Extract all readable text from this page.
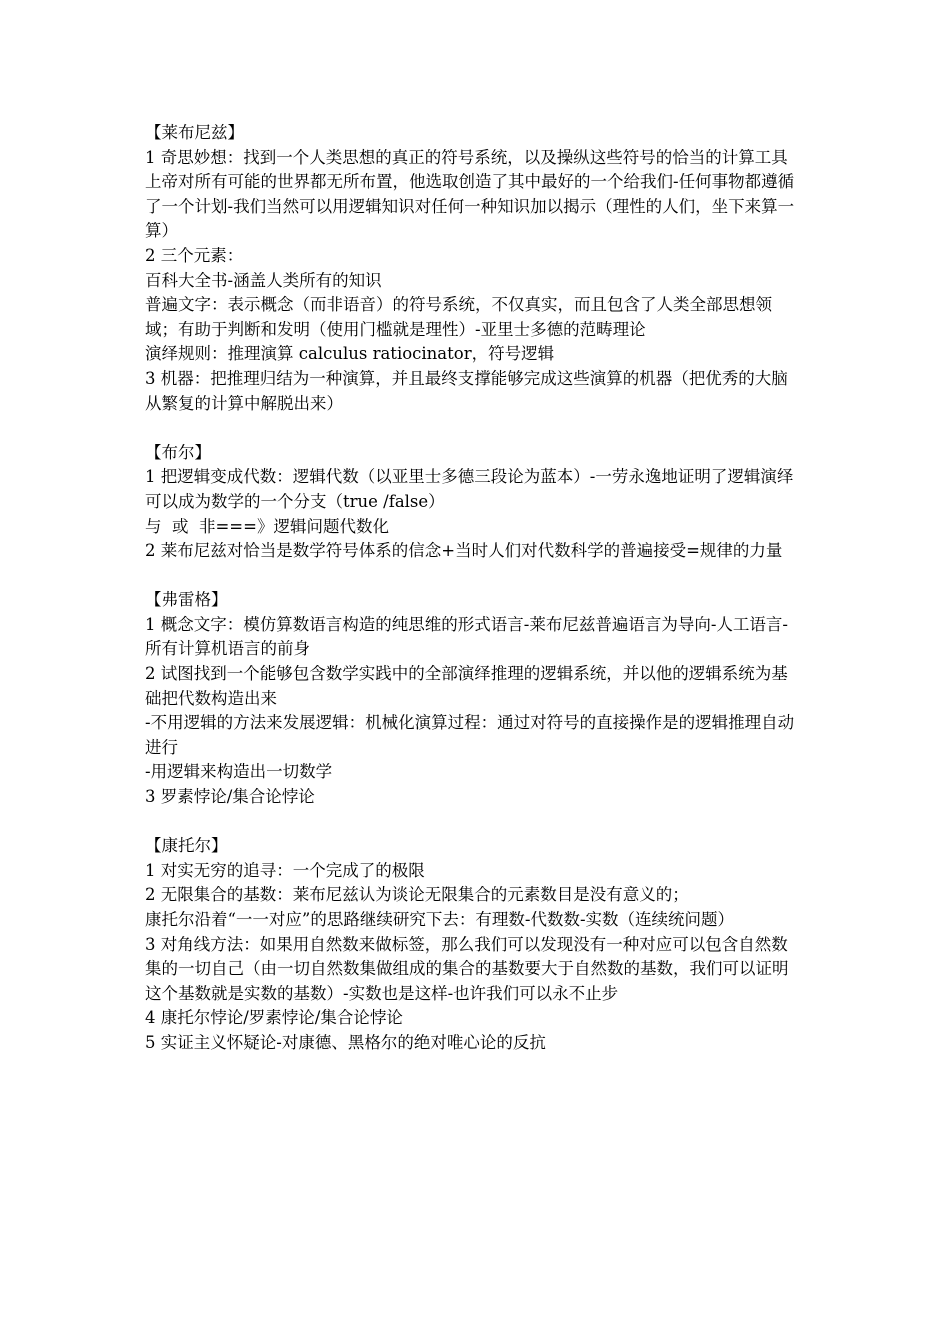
【莱布尼兹】
1 奇思妙想：找到一个人类思想的真正的符号系统，以及操纵这些符号的恰当的计算工具
上帝对所有可能的世界都无所布置，他选取创造了其中最好的一个给我们-任何事物都遵循了一个计划-我们当然可以用逻辑知识对任何一种知识加以揭示（理性的人们，坐下来算一算）
2 三个元素：
百科大全书-涵盖人类所有的知识
普遍文字：表示概念（而非语音）的符号系统，不仅真实，而且包含了人类全部思想领域；有助于判断和发明（使用门槛就是理性）-亚里士多德的范畴理论
演绎规则：推理演算 calculus ratiocinator，符号逻辑
3 机器：把推理归结为一种演算，并且最终支撑能够完成这些演算的机器（把优秀的大脑从繁复的计算中解脱出来）
【布尔】
1 把逻辑变成代数：逻辑代数（以亚里士多德三段论为蓝本）-一劳永逸地证明了逻辑演绎可以成为数学的一个分支（true /false）
与  或  非===》逻辑问题代数化
2 莱布尼兹对恰当是数学符号体系的信念+当时人们对代数科学的普遍接受=规律的力量
【弗雷格】
1 概念文字：模仿算数语言构造的纯思维的形式语言-莱布尼兹普遍语言为导向-人工语言-所有计算机语言的前身
2 试图找到一个能够包含数学实践中的全部演绎推理的逻辑系统，并以他的逻辑系统为基础把代数构造出来
-不用逻辑的方法来发展逻辑：机械化演算过程：通过对符号的直接操作是的逻辑推理自动进行
-用逻辑来构造出一切数学
3 罗素悖论/集合论悖论
【康托尔】
1 对实无穷的追寻：一个完成了的极限
2 无限集合的基数：莱布尼兹认为谈论无限集合的元素数目是没有意义的；
康托尔沿着“一一对应”的思路继续研究下去：有理数-代数数-实数（连续统问题）
3 对角线方法：如果用自然数来做标签，那么我们可以发现没有一种对应可以包含自然数集的一切自己（由一切自然数集做组成的集合的基数要大于自然数的基数，我们可以证明这个基数就是实数的基数）-实数也是这样-也许我们可以永不止步
4 康托尔悖论/罗素悖论/集合论悖论
5 实证主义怀疑论-对康德、黑格尔的绝对唯心论的反抗
